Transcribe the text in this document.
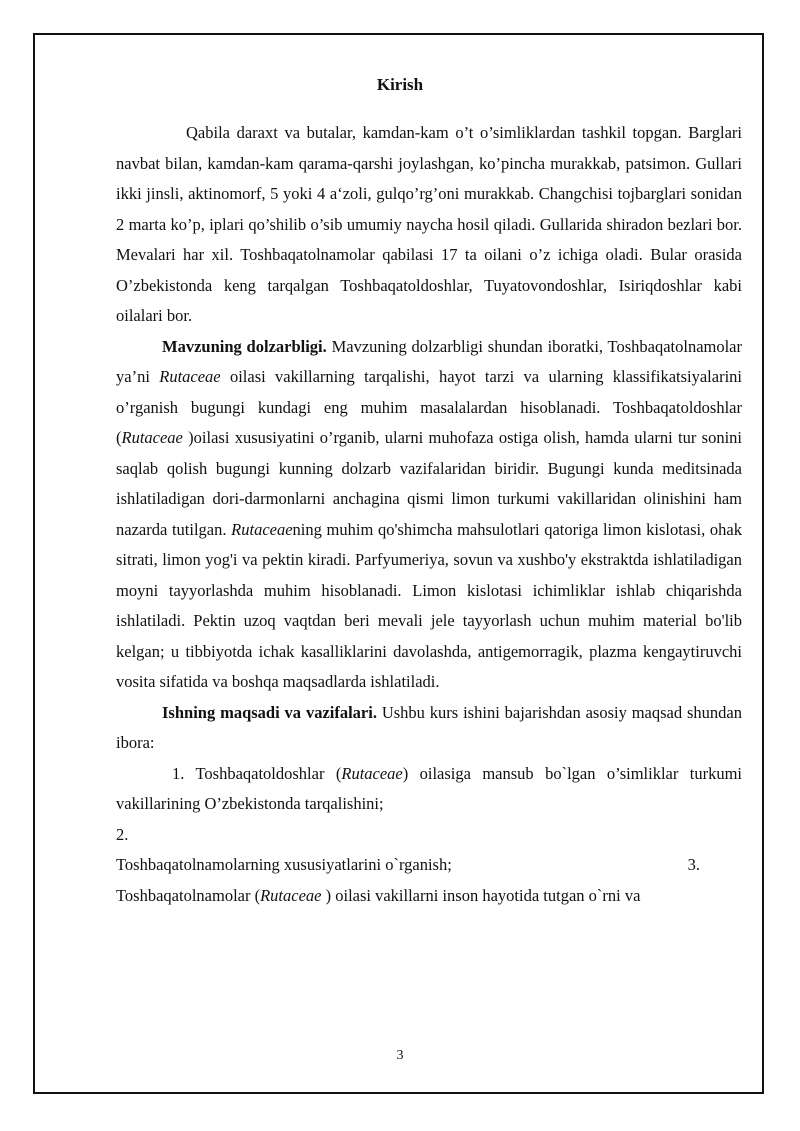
Kirish

Qabila daraxt va butalar, kamdan-kam o’t o’simliklardan tashkil topgan. Barglari navbat bilan, kamdan-kam qarama-qarshi joylashgan, ko’pincha murakkab, patsimon. Gullari ikki jinsli, aktinomorf, 5 yoki 4 a‘zoli, gulqo’rg’oni murakkab. Changchisi tojbarglari sonidan 2 marta ko’p, iplari qo’shilib o’sib umumiy naycha hosil qiladi. Gullarida shiradon bezlari bor. Mevalari har xil. Toshbaqatolnamolar qabilasi 17 ta oilani o’z ichiga oladi. Bular orasida O’zbekistonda keng tarqalgan Toshbaqatoldoshlar, Tuyatovondoshlar, Isiriqdoshlar kabi oilalari bor.

Mavzuning dolzarbligi. Mavzuning dolzarbligi shundan iboratki, Toshbaqatolnamolar ya’ni Rutaceae oilasi vakillarning tarqalishi, hayot tarzi va ularning klassifikatsiyalarini o’rganish bugungi kundagi eng muhim masalalardan hisoblanadi. Toshbaqatoldoshlar (Rutaceae )oilasi xususiyatini o’rganib, ularni muhofaza ostiga olish, hamda ularni tur sonini saqlab qolish bugungi kunning dolzarb vazifalaridan biridir. Bugungi kunda meditsinada ishlatiladigan dori-darmonlarni anchagina qismi limon turkumi vakillaridan olinishini ham nazarda tutilgan. Rutaceaening muhim qo'shimcha mahsulotlari qatoriga limon kislotasi, ohak sitrati, limon yog'i va pektin kiradi. Parfyumeriya, sovun va xushbo'y ekstraktda ishlatiladigan moyni tayyorlashda muhim hisoblanadi. Limon kislotasi ichimliklar ishlab chiqarishda ishlatiladi. Pektin uzoq vaqtdan beri mevali jele tayyorlash uchun muhim material bo'lib kelgan; u tibbiyotda ichak kasalliklarini davolashda, antigemorragik, plazma kengaytiruvchi vosita sifatida va boshqa maqsadlarda ishlatiladi.

Ishning maqsadi va vazifalari. Ushbu kurs ishini bajarishdan asosiy maqsad shundan ibora:

1. Toshbaqatoldoshlar (Rutaceae) oilasiga mansub bo`lgan o’simliklar turkumi vakillarining O’zbekistonda tarqalishini;

2.

Toshbaqatolnamolarning xususiyatlarini o`rganish;	3.

Toshbaqatolnamolar (Rutaceae ) oilasi vakillarni inson hayotida tutgan o`rni va

3
